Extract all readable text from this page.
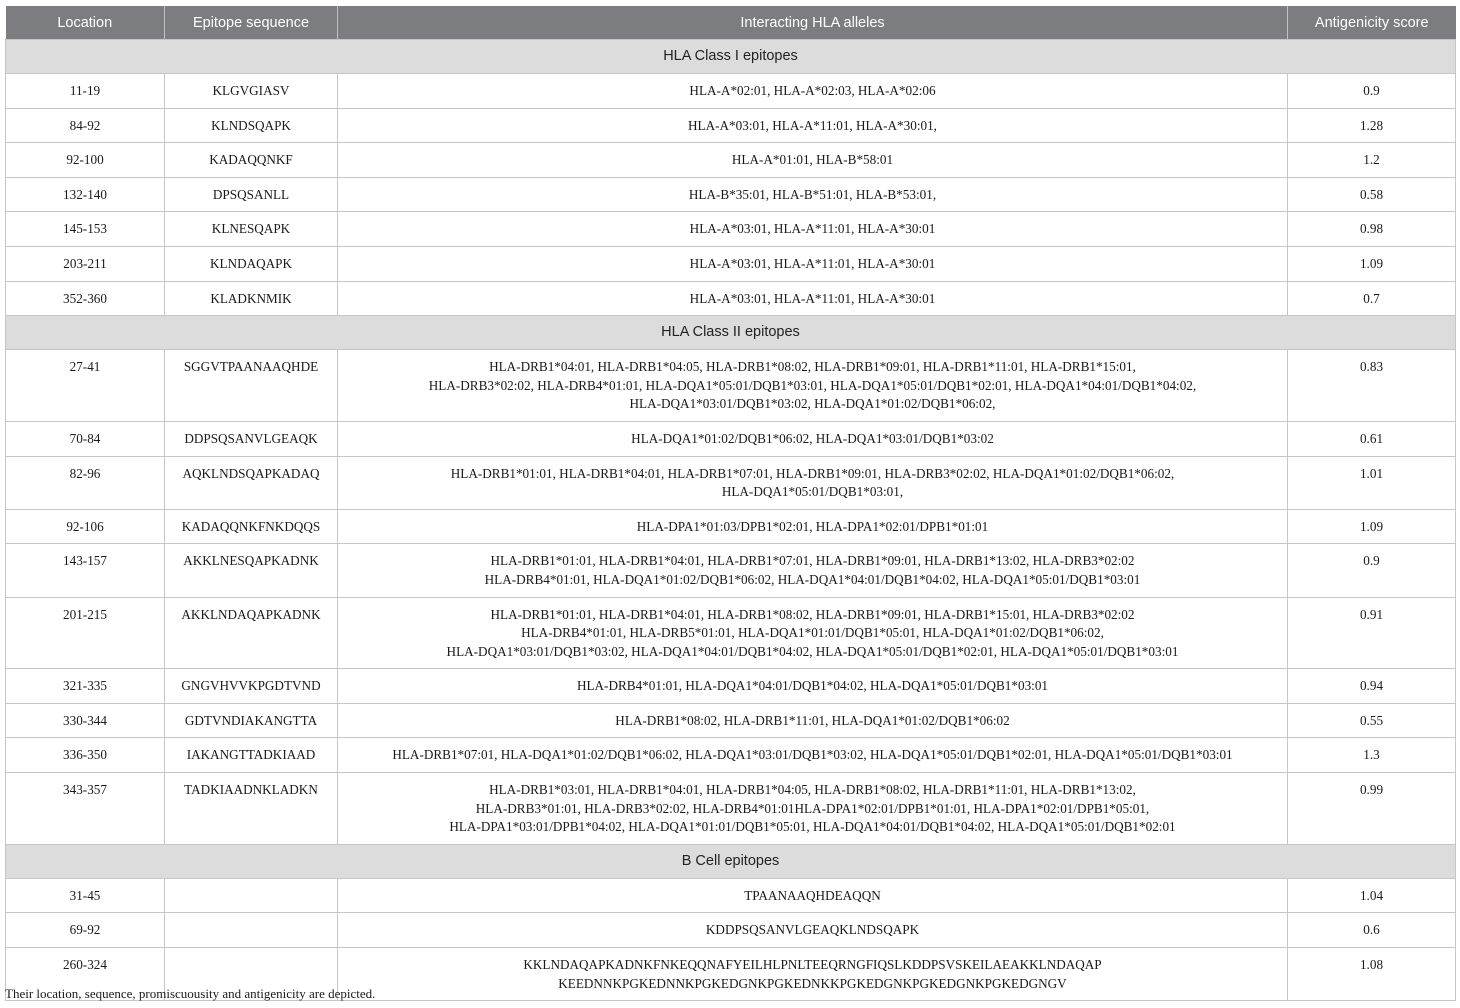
Location	Epitope sequence	Interacting HLA alleles	Antigenicity score
HLA Class I epitopes			
11-19	KLGVGIASV	HLA-A*02:01, HLA-A*02:03, HLA-A*02:06	0.9
84-92	KLNDSQAPK	HLA-A*03:01, HLA-A*11:01, HLA-A*30:01,	1.28
92-100	KADAQQNKF	HLA-A*01:01, HLA-B*58:01	1.2
132-140	DPSQSANLL	HLA-B*35:01, HLA-B*51:01, HLA-B*53:01,	0.58
145-153	KLNESQAPK	HLA-A*03:01, HLA-A*11:01, HLA-A*30:01	0.98
203-211	KLNDAQAPK	HLA-A*03:01, HLA-A*11:01, HLA-A*30:01	1.09
352-360	KLADKNMIK	HLA-A*03:01, HLA-A*11:01, HLA-A*30:01	0.7
HLA Class II epitopes			
27-41	SGGVTPAANAAQHDE	HLA-DRB1*04:01, HLA-DRB1*04:05, HLA-DRB1*08:02, HLA-DRB1*09:01, HLA-DRB1*11:01, HLA-DRB1*15:01,
HLA-DRB3*02:02, HLA-DRB4*01:01, HLA-DQA1*05:01/DQB1*03:01, HLA-DQA1*05:01/DQB1*02:01, HLA-DQA1*04:01/DQB1*04:02,
HLA-DQA1*03:01/DQB1*03:02, HLA-DQA1*01:02/DQB1*06:02,	0.83
70-84	DDPSQSANVLGEAQK	HLA-DQA1*01:02/DQB1*06:02, HLA-DQA1*03:01/DQB1*03:02	0.61
82-96	AQKLNDSQAPKADAQ	HLA-DRB1*01:01, HLA-DRB1*04:01, HLA-DRB1*07:01, HLA-DRB1*09:01, HLA-DRB3*02:02, HLA-DQA1*01:02/DQB1*06:02,
HLA-DQA1*05:01/DQB1*03:01,	1.01
92-106	KADAQQNKFNKDQQS	HLA-DPA1*01:03/DPB1*02:01, HLA-DPA1*02:01/DPB1*01:01	1.09
143-157	AKKLNESQAPKADNK	HLA-DRB1*01:01, HLA-DRB1*04:01, HLA-DRB1*07:01, HLA-DRB1*09:01, HLA-DRB1*13:02, HLA-DRB3*02:02
HLA-DRB4*01:01, HLA-DQA1*01:02/DQB1*06:02, HLA-DQA1*04:01/DQB1*04:02, HLA-DQA1*05:01/DQB1*03:01	0.9
201-215	AKKLNDAQAPKADNK	HLA-DRB1*01:01, HLA-DRB1*04:01, HLA-DRB1*08:02, HLA-DRB1*09:01, HLA-DRB1*15:01, HLA-DRB3*02:02
HLA-DRB4*01:01, HLA-DRB5*01:01, HLA-DQA1*01:01/DQB1*05:01, HLA-DQA1*01:02/DQB1*06:02,
HLA-DQA1*03:01/DQB1*03:02, HLA-DQA1*04:01/DQB1*04:02, HLA-DQA1*05:01/DQB1*02:01, HLA-DQA1*05:01/DQB1*03:01	0.91
321-335	GNGVHVVKPGDTVND	HLA-DRB4*01:01, HLA-DQA1*04:01/DQB1*04:02, HLA-DQA1*05:01/DQB1*03:01	0.94
330-344	GDTVNDIAKANGTTA	HLA-DRB1*08:02, HLA-DRB1*11:01, HLA-DQA1*01:02/DQB1*06:02	0.55
336-350	IAKANGTTADKIAAD	HLA-DRB1*07:01, HLA-DQA1*01:02/DQB1*06:02, HLA-DQA1*03:01/DQB1*03:02, HLA-DQA1*05:01/DQB1*02:01, HLA-DQA1*05:01/DQB1*03:01	1.3
343-357	TADKIAADNKLADKN	HLA-DRB1*03:01, HLA-DRB1*04:01, HLA-DRB1*04:05, HLA-DRB1*08:02, HLA-DRB1*11:01, HLA-DRB1*13:02,
HLA-DRB3*01:01, HLA-DRB3*02:02, HLA-DRB4*01:01HLA-DPA1*02:01/DPB1*01:01, HLA-DPA1*02:01/DPB1*05:01,
HLA-DPA1*03:01/DPB1*04:02, HLA-DQA1*01:01/DQB1*05:01, HLA-DQA1*04:01/DQB1*04:02, HLA-DQA1*05:01/DQB1*02:01	0.99
B Cell epitopes			
31-45		TPAANAAQHDEAQQN	1.04
69-92		KDDPSQSANVLGEAQKLNDSQAPK	0.6
260-324		KKLNDAQAPKADNKFNKEQQNAFYEILHLPNLTEEQRNGFIQSLKDDPSVSKEILAEAKKLNDAQAP
KEEDNNKPGKEDNNKPGKEDGNKPGKEDNKKPGKEDGNKPGKEDGNKPGKEDGNGV	1.08
Their location, sequence, promiscuousity and antigenicity are depicted.
